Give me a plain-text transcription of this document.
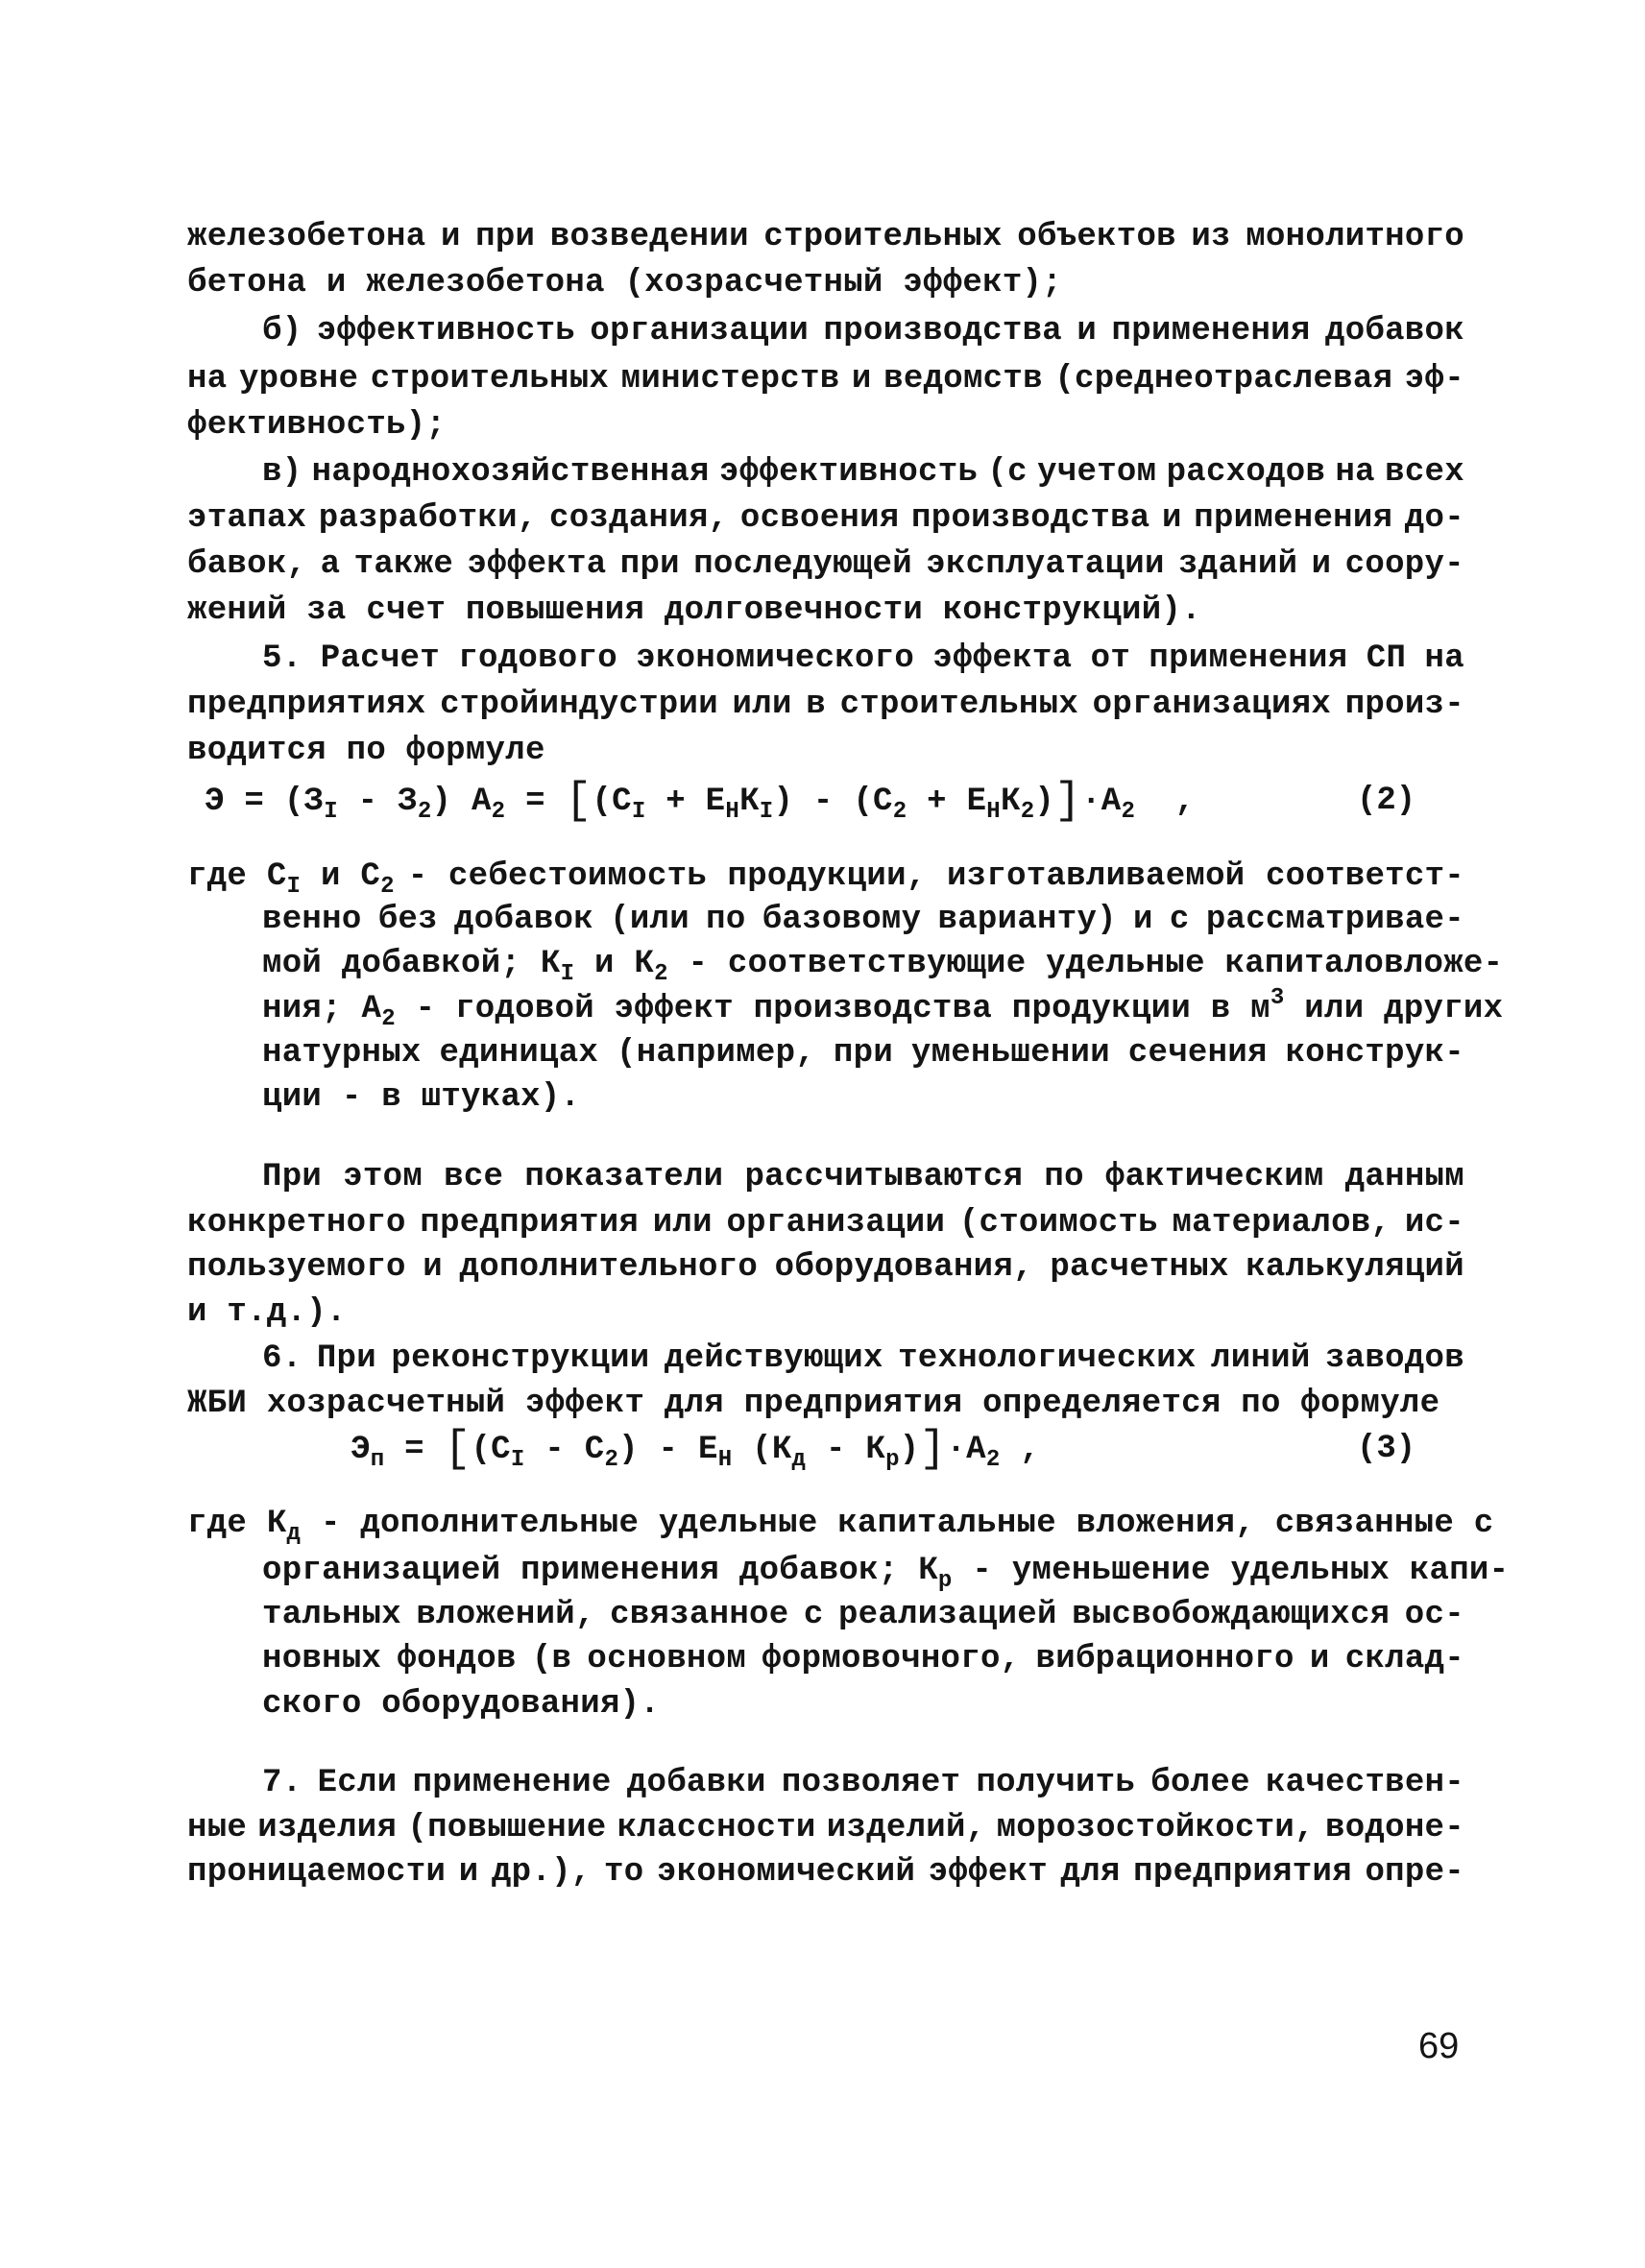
железобетона и при возведении строительных объектов из монолитного
бетона и железобетона (хозрасчетный эффект);
б) эффективность организации производства и применения добавок
на уровне строительных министерств и ведомств (среднеотраслевая эф-
фективность);
в) народнохозяйственная эффективность (с учетом расходов на всех
этапах разработки, создания, освоения производства и применения до-
бавок, а также эффекта при последующей эксплуатации зданий и соору-
жений за счет повышения долговечности конструкций).
5. Расчет годового экономического эффекта от применения СП на
предприятиях стройиндустрии или в строительных организациях произ-
водится по формуле
$Э = (З_I - З_2) А_2 = [(С_I + Е_НК_I) - (С_2 + Е_НК_2)]\cdot А_2$  ,	(2)
где $С_I$ и $С_2$ - себестоимость продукции, изготавливаемой соответст-
венно без добавок (или по базовому варианту) и с рассматривае-
мой добавкой; $К_I$ и $К_2$ - соответствующие удельные капиталовложе-
ния; $А_2$ - годовой эффект производства продукции в $м^3$ или других
натурных единицах (например, при уменьшении сечения конструк-
ции - в штуках).
При этом все показатели рассчитываются по фактическим данным
конкретного предприятия или организации (стоимость материалов, ис-
пользуемого и дополнительного оборудования, расчетных калькуляций
и т.д.).
6. При реконструкции действующих технологических линий заводов
ЖБИ хозрасчетный эффект для предприятия определяется по формуле
$Э_п = [(С_I - С_2) - Е_Н$ $(К_д - К_р)]\cdot А_2$ ,	(3)
где $К_д$ - дополнительные удельные капитальные вложения, связанные с
организацией применения добавок; $К_р$ - уменьшение удельных капи-
тальных вложений, связанное с реализацией высвобождающихся ос-
новных фондов (в основном формовочного, вибрационного и склад-
ского оборудования).
7. Если применение добавки позволяет получить более качествен-
ные изделия (повышение классности изделий, морозостойкости, водоне-
проницаемости и др.), то экономический эффект для предприятия опре-
69
